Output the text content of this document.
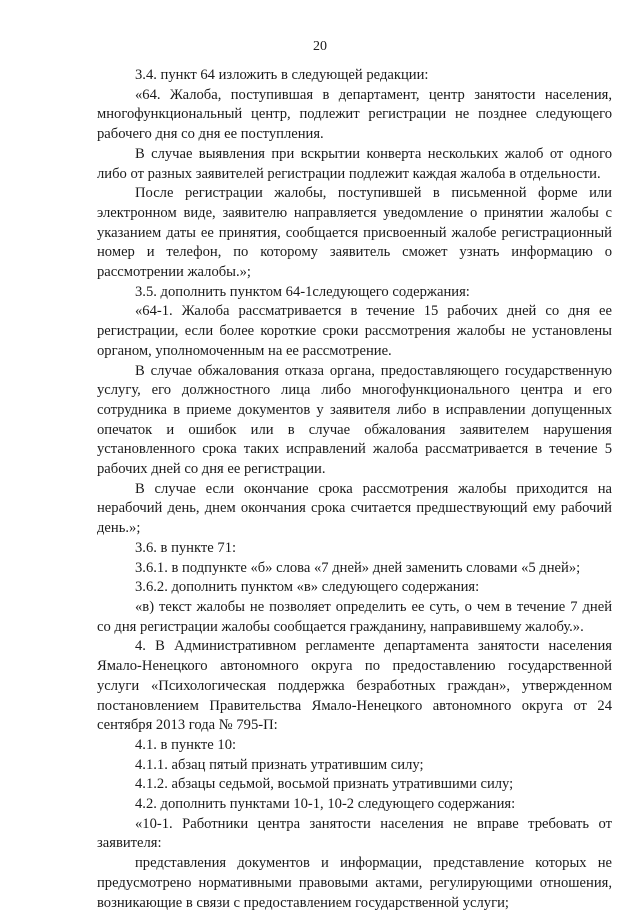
20

3.4. пункт 64 изложить в следующей редакции:

«64. Жалоба, поступившая в департамент, центр занятости населения, многофункциональный центр, подлежит регистрации не позднее следующего рабочего дня со дня ее поступления.

В случае выявления при вскрытии конверта нескольких жалоб от одного либо от разных заявителей регистрации подлежит каждая жалоба в отдельности.

После регистрации жалобы, поступившей в письменной форме или электронном виде, заявителю направляется уведомление о принятии жалобы с указанием даты ее принятия, сообщается присвоенный жалобе регистрационный номер и телефон, по которому заявитель сможет узнать информацию о рассмотрении жалобы.»;

3.5. дополнить пунктом 64-1следующего содержания:

«64-1. Жалоба рассматривается в течение 15 рабочих дней со дня ее регистрации, если более короткие сроки рассмотрения жалобы не установлены органом, уполномоченным на ее рассмотрение.

В случае обжалования отказа органа, предоставляющего государственную услугу, его должностного лица либо многофункционального центра и его сотрудника в приеме документов у заявителя либо в исправлении допущенных опечаток и ошибок или в случае обжалования заявителем нарушения установленного срока таких исправлений жалоба рассматривается в течение 5 рабочих дней со дня ее регистрации.

В случае если окончание срока рассмотрения жалобы приходится на нерабочий день, днем окончания срока считается предшествующий ему рабочий день.»;

3.6. в пункте 71:

3.6.1. в подпункте «б» слова «7 дней» дней заменить словами «5 дней»;

3.6.2. дополнить пунктом «в» следующего содержания:

«в) текст жалобы не позволяет определить ее суть, о чем в течение 7 дней со дня регистрации жалобы сообщается гражданину, направившему жалобу.».

4. В Административном регламенте департамента занятости населения Ямало-Ненецкого автономного округа по предоставлению государственной услуги «Психологическая поддержка безработных граждан», утвержденном постановлением Правительства Ямало-Ненецкого автономного округа от 24 сентября 2013 года № 795-П:

4.1. в пункте 10:

4.1.1. абзац пятый признать утратившим силу;

4.1.2. абзацы седьмой, восьмой признать утратившими силу;

4.2. дополнить пунктами 10-1, 10-2 следующего содержания:

«10-1. Работники центра занятости населения не вправе требовать от заявителя:

представления документов и информации, представление которых не предусмотрено нормативными правовыми актами, регулирующими отношения, возникающие в связи с предоставлением государственной услуги;
